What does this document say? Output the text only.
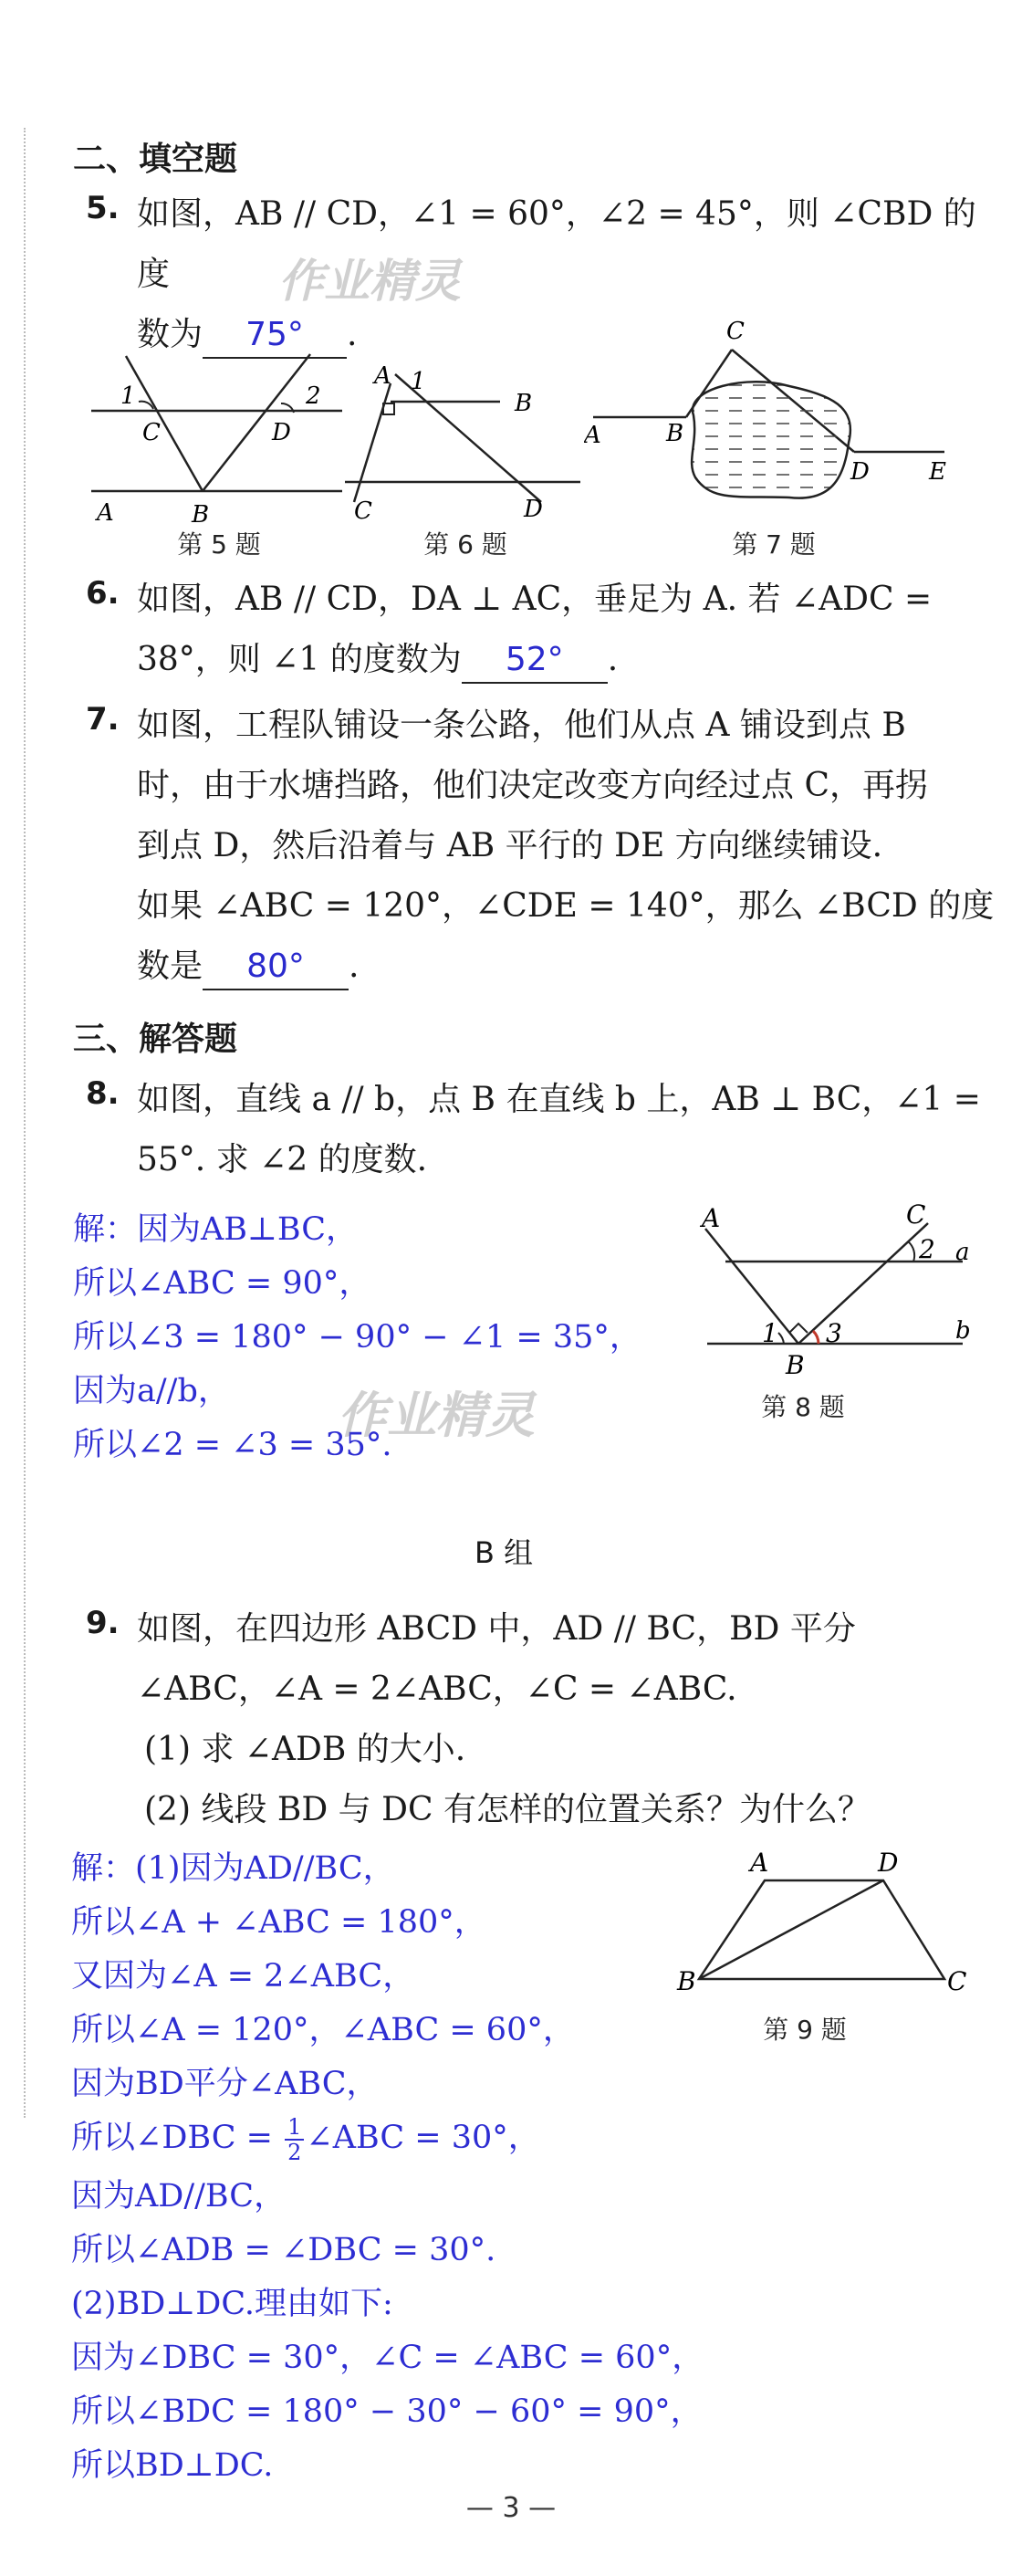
二、填空题
5. 如图，AB // CD，∠1 = 60°，∠2 = 45°，则 ∠CBD 的度
数为 75° .
作业精灵
1	2
C	D
A	B
第 5 题
A 1
B
C	D
第 6 题
C
A	B
D	E
第 7 题
6. 如图，AB // CD，DA ⊥ AC，垂足为 A. 若 ∠ADC =
38°，则 ∠1 的度数为 52° .
7. 如图，工程队铺设一条公路，他们从点 A 铺设到点 B
时，由于水塘挡路，他们决定改变方向经过点 C，再拐
到点 D，然后沿着与 AB 平行的 DE 方向继续铺设.
如果 ∠ABC = 120°，∠CDE = 140°，那么 ∠BCD 的度
数是 80° .
三、解答题
8. 如图，直线 a // b，点 B 在直线 b 上，AB ⊥ BC，∠1 =
55°. 求 ∠2 的度数.
解：因为AB⊥BC，
所以∠ABC = 90°，
所以∠3 = 180° − 90° − ∠1 = 35°，
因为a//b，
所以∠2 = ∠3 = 35°.
作业精灵
A	C
2 a
1 3
B
b
第 8 题
B 组
9. 如图，在四边形 ABCD 中，AD // BC，BD 平分
∠ABC，∠A = 2∠ABC，∠C = ∠ABC.
(1) 求 ∠ADB 的大小.
(2) 线段 BD 与 DC 有怎样的位置关系？为什么？
解：(1)因为AD//BC，
所以∠A + ∠ABC = 180°，
又因为∠A = 2∠ABC，
所以∠A = 120°，∠ABC = 60°，
因为BD平分∠ABC，
所以∠DBC = $\frac{1}{2}$ ∠ABC = 30°，
因为AD//BC，
所以∠ADB = ∠DBC = 30°.
(2)BD⊥DC.理由如下:
因为∠DBC = 30°，∠C = ∠ABC = 60°，
所以∠BDC = 180° − 30° − 60° = 90°，
所以BD⊥DC.
A	D
B	C
第 9 题
— 3 —
